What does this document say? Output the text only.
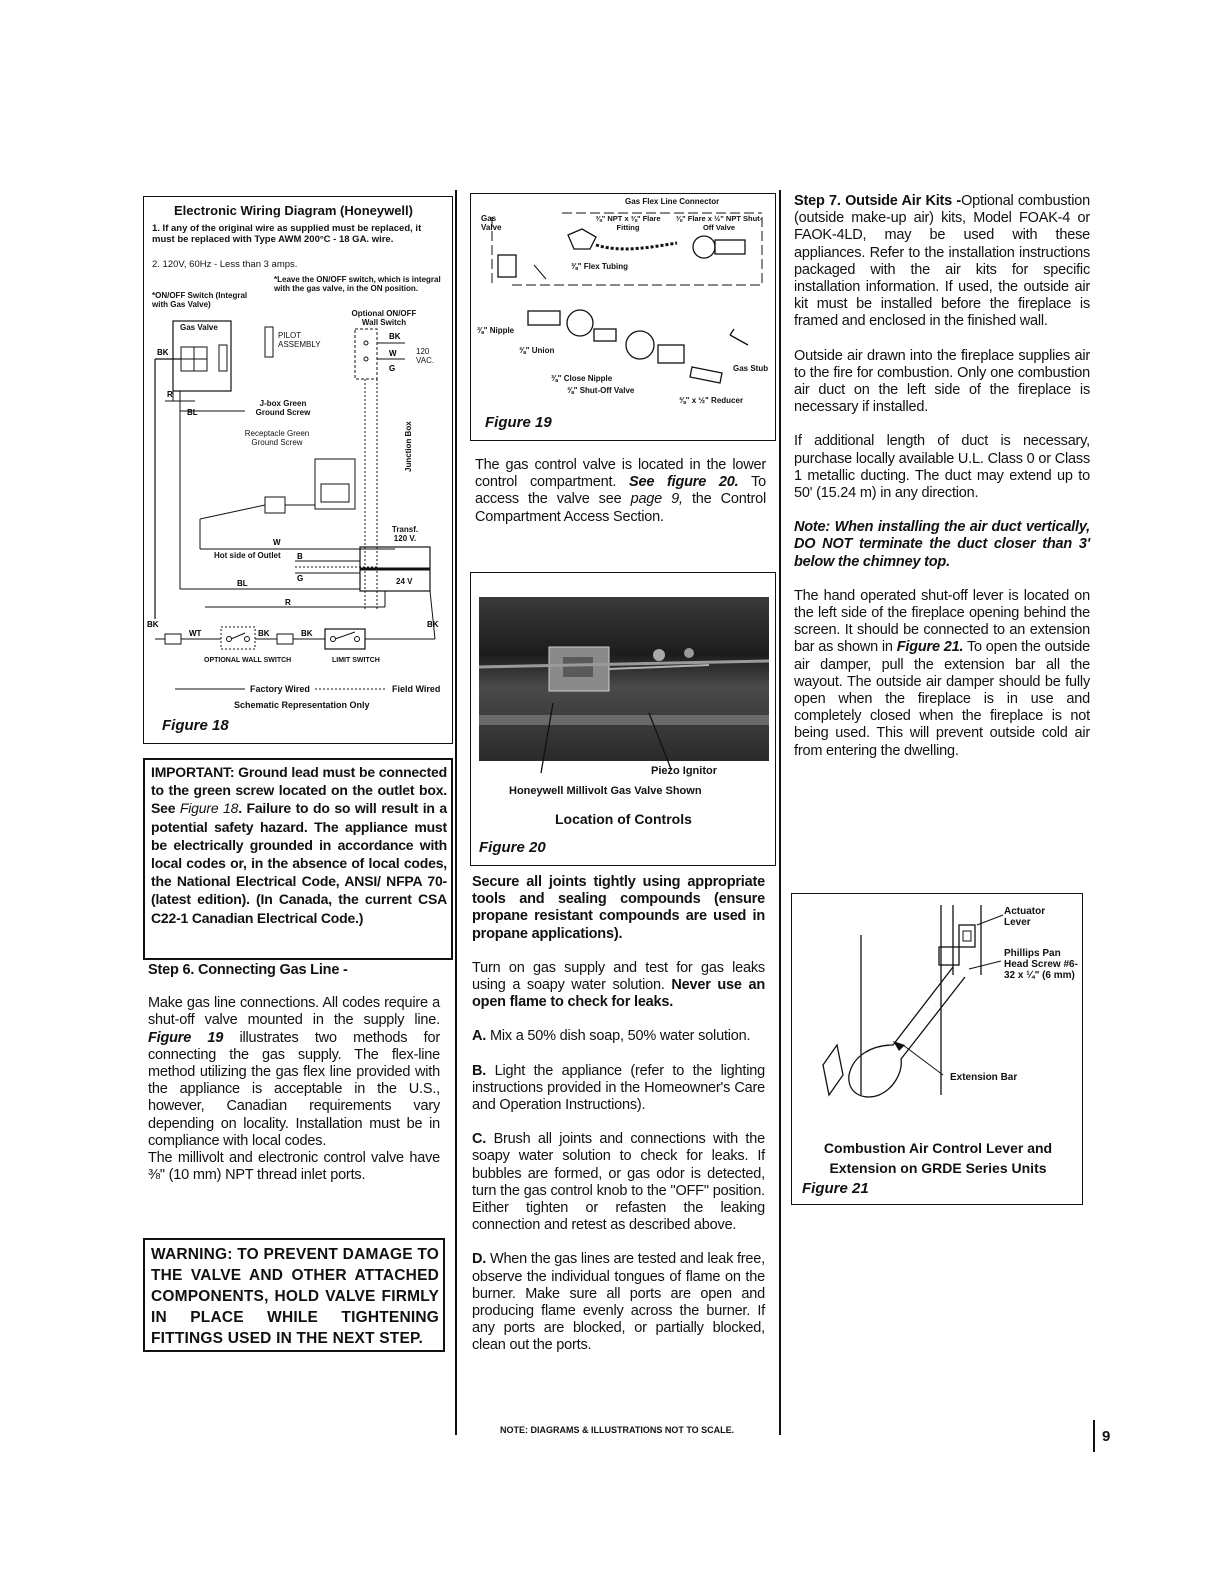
Electronic Wiring Diagram (Honeywell)
1. If any of the original wire as supplied must be replaced, it must be replaced with Type AWM 200°C - 18 GA. wire.
2. 120V, 60Hz - Less than 3 amps.
*ON/OFF Switch (Integral with Gas Valve)
*Leave the ON/OFF switch, which is integral with the gas valve, in the ON position.
BK
R
BL
BK
W
G
W
B
G
BL
R
BK	BK
WT	BK	BK
Gas Valve
PILOT ASSEMBLY
Optional ON/OFF Wall Switch
120 VAC.
J-box Green Ground Screw
Receptacle Green Ground Screw	Junction Box
Hot side of Outlet
Transf. 120 V.
24 V
OPTIONAL WALL SWITCH	LIMIT SWITCH
Factory Wired	Field Wired
Schematic Representation Only
Figure 18
IMPORTANT: Ground lead must be connected to the green screw located on the outlet box. See Figure 18. Failure to do so will result in a potential safety hazard. The appliance must be electrically grounded in accordance with local codes or, in the absence of local codes, the National Electrical Code, ANSI/ NFPA 70-(latest edition). (In Canada, the current CSA C22-1 Canadian Electrical Code.)

Step 6. Connecting Gas Line -

Make gas line connections. All codes require a shut-off valve mounted in the supply line. Figure 19 illustrates two methods for connecting the gas supply. The flex-line method utilizing the gas flex line provided with the appliance is acceptable in the U.S., however, Canadian requirements vary depending on locality. Installation must be in compliance with local codes.

The millivolt and electronic control valve have ⅜" (10 mm) NPT thread inlet ports.

WARNING: TO PREVENT DAMAGE TO THE VALVE AND OTHER ATTACHED COMPONENTS, HOLD VALVE FIRMLY IN PLACE WHILE TIGHTENING FITTINGS USED IN THE NEXT STEP.
Gas Flex Line Connector
Gas Valve
⅜" NPT x ⅜" Flare Fitting
⅜" Flare x ½" NPT Shut-Off Valve
⅜" Flex Tubing
⅜" Nipple
⅜" Union
⅜" Close Nipple
⅜" Shut-Off Valve
Gas Stub
⅜" x ½" Reducer
Figure 19
The gas control valve is located in the lower control compartment. See figure 20. To access the valve see page 9, the Control Compartment Access Section.
Piezo Ignitor
Honeywell Millivolt Gas Valve Shown
Location of Controls
Figure 20

Secure all joints tightly using appropriate tools and sealing compounds (ensure propane resistant compounds are used in propane applications).

Turn on gas supply and test for gas leaks using a soapy water solution. Never use an open flame to check for leaks.

A. Mix a 50% dish soap, 50% water solution.

B. Light the appliance (refer to the lighting instructions provided in the Homeowner's Care and Operation Instructions).

C. Brush all joints and connections with the soapy water solution to check for leaks. If bubbles are formed, or gas odor is detected, turn the gas control knob to the "OFF" position. Either tighten or refasten the leaking connection and retest as described above.

D. When the gas lines are tested and leak free, observe the individual tongues of flame on the burner. Make sure all ports are open and producing flame evenly across the burner. If any ports are blocked, or partially blocked, clean out the ports.

NOTE: DIAGRAMS & ILLUSTRATIONS NOT TO SCALE.

Step 7. Outside Air Kits -Optional combustion (outside make-up air) kits, Model FOAK-4 or FAOK-4LD, may be used with these appliances. Refer to the installation instructions packaged with the air kits for specific installation information. If used, the outside air kit must be installed before the fireplace is framed and enclosed in the finished wall.

Outside air drawn into the fireplace supplies air to the fire for combustion. Only one combustion air duct on the left side of the fireplace is necessary if installed.

If additional length of duct is necessary, purchase locally available U.L. Class 0 or Class 1 metallic ducting. The duct may extend up to 50' (15.24 m) in any direction.

Note: When installing the air duct vertically, DO NOT terminate the duct closer than 3' below the chimney top.

The hand operated shut-off lever is located on the left side of the fireplace opening behind the screen. It should be connected to an extension bar as shown in Figure 21. To open the outside air damper, pull the extension bar all the wayout. The outside air damper should be fully open when the fireplace is in use and completely closed when the fireplace is not being used. This will prevent outside cold air from entering the dwelling.

Actuator Lever
Phillips Pan Head Screw #6-32 x ¼" (6 mm)
Extension Bar
Combustion Air Control Lever and Extension on GRDE Series Units
Figure 21
9
